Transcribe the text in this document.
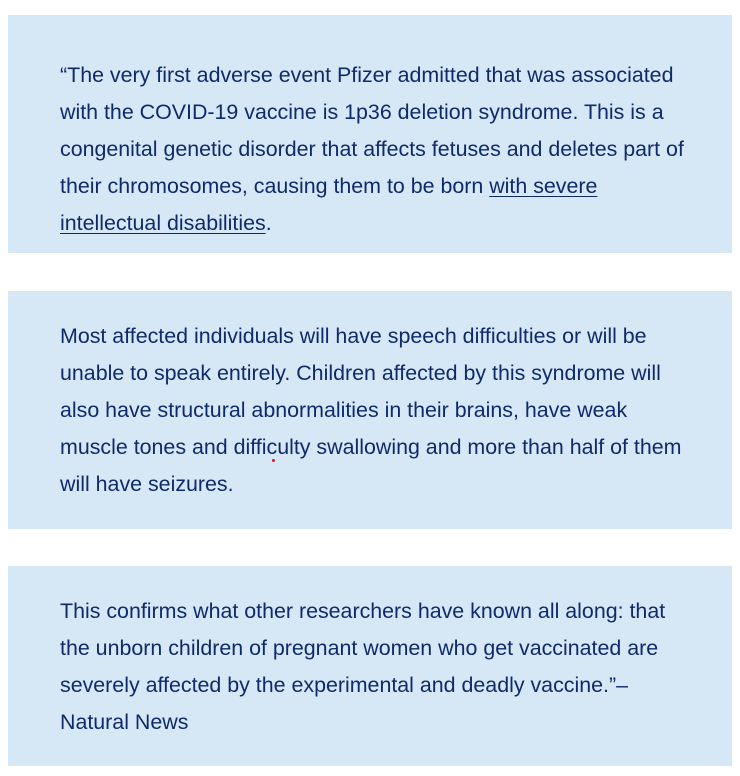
“The very first adverse event Pfizer admitted that was associated with the COVID-19 vaccine is 1p36 deletion syndrome. This is a congenital genetic disorder that affects fetuses and deletes part of their chromosomes, causing them to be born with severe intellectual disabilities.

Most affected individuals will have speech difficulties or will be unable to speak entirely. Children affected by this syndrome will also have structural abnormalities in their brains, have weak muscle tones and difficulty swallowing and more than half of them will have seizures.

This confirms what other researchers have known all along: that the unborn children of pregnant women who get vaccinated are severely affected by the experimental and deadly vaccine.”– Natural News
